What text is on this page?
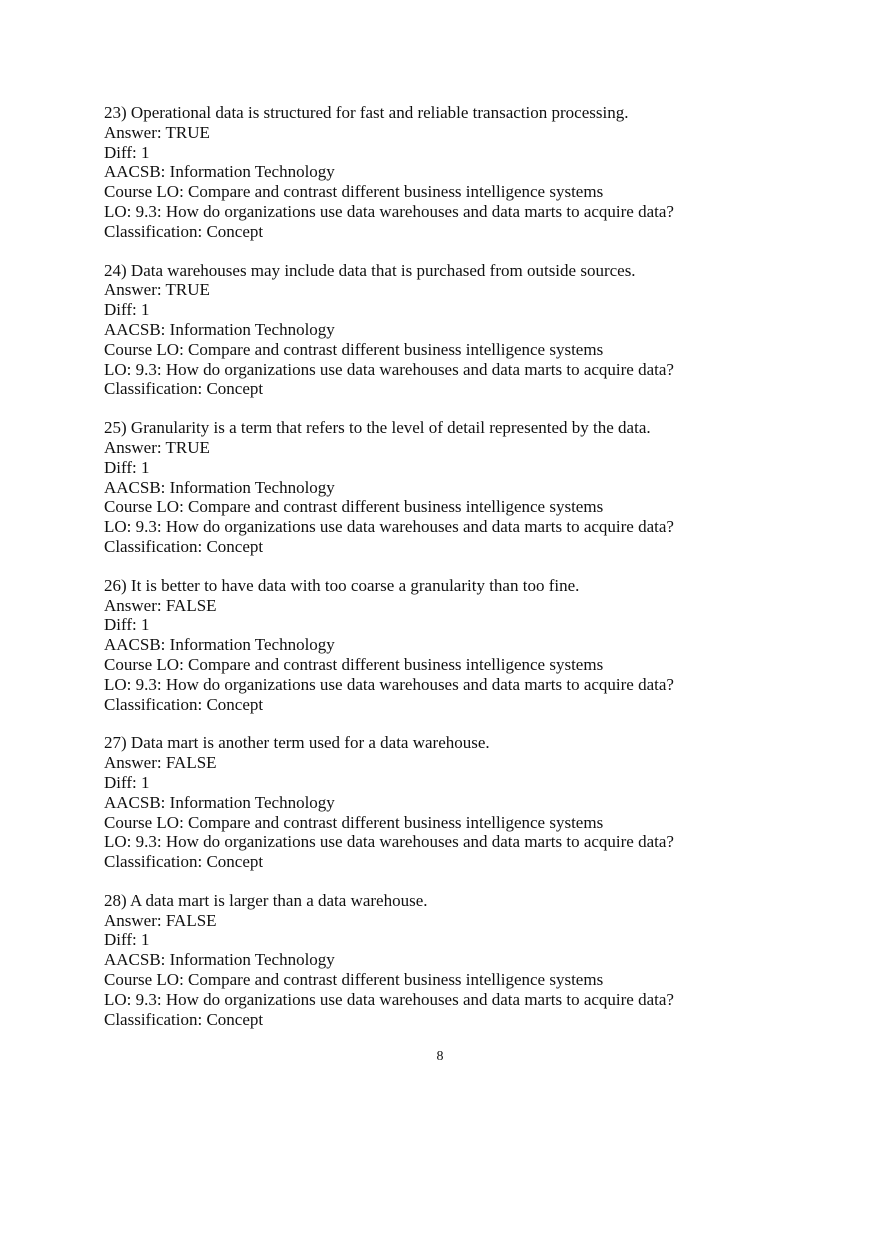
23) Operational data is structured for fast and reliable transaction processing.
Answer: TRUE
Diff: 1
AACSB: Information Technology
Course LO: Compare and contrast different business intelligence systems
LO: 9.3: How do organizations use data warehouses and data marts to acquire data?
Classification: Concept
24) Data warehouses may include data that is purchased from outside sources.
Answer: TRUE
Diff: 1
AACSB: Information Technology
Course LO: Compare and contrast different business intelligence systems
LO: 9.3: How do organizations use data warehouses and data marts to acquire data?
Classification: Concept
25) Granularity is a term that refers to the level of detail represented by the data.
Answer: TRUE
Diff: 1
AACSB: Information Technology
Course LO: Compare and contrast different business intelligence systems
LO: 9.3: How do organizations use data warehouses and data marts to acquire data?
Classification: Concept
26) It is better to have data with too coarse a granularity than too fine.
Answer: FALSE
Diff: 1
AACSB: Information Technology
Course LO: Compare and contrast different business intelligence systems
LO: 9.3: How do organizations use data warehouses and data marts to acquire data?
Classification: Concept
27) Data mart is another term used for a data warehouse.
Answer: FALSE
Diff: 1
AACSB: Information Technology
Course LO: Compare and contrast different business intelligence systems
LO: 9.3: How do organizations use data warehouses and data marts to acquire data?
Classification: Concept
28) A data mart is larger than a data warehouse.
Answer: FALSE
Diff: 1
AACSB: Information Technology
Course LO: Compare and contrast different business intelligence systems
LO: 9.3: How do organizations use data warehouses and data marts to acquire data?
Classification: Concept
8
